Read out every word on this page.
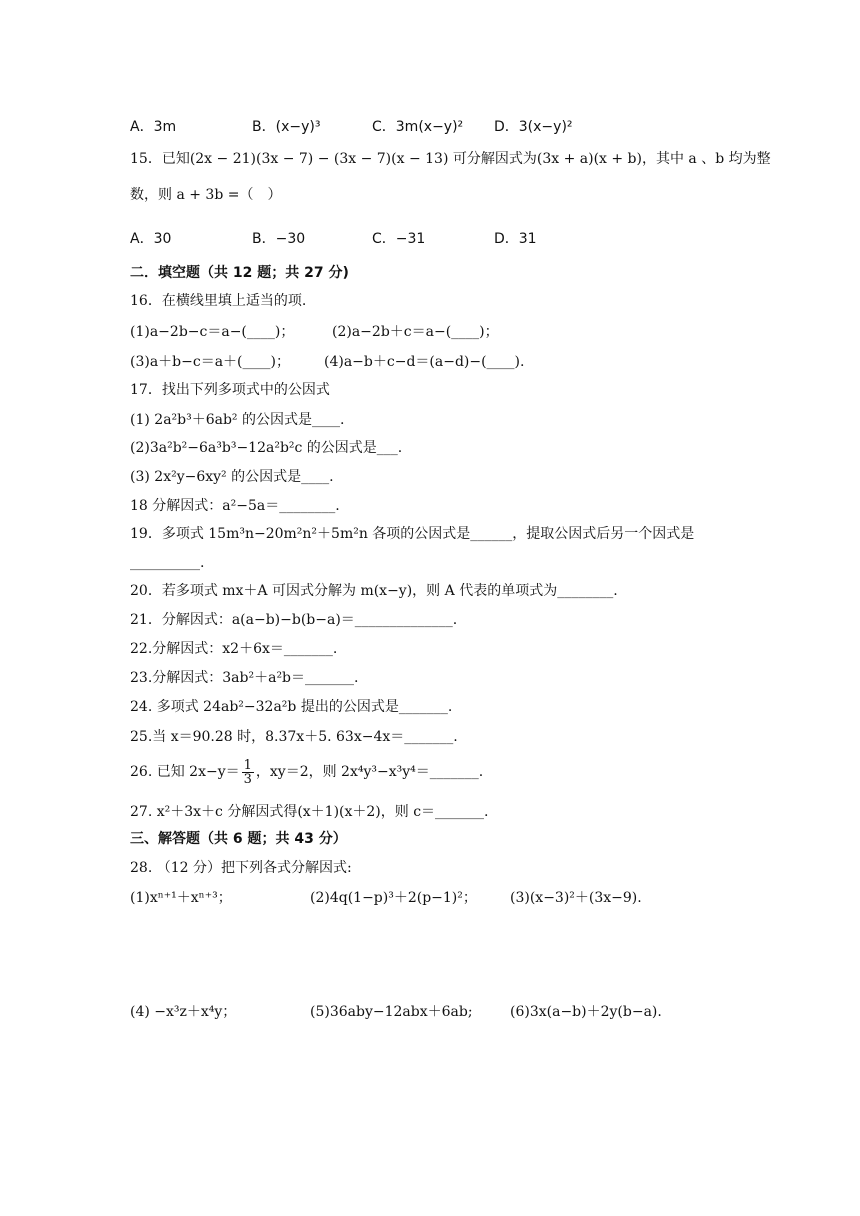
A．3m	B．(x−y)³	C．3m(x−y)² D．3(x−y)²
15．已知(2x − 21)(3x − 7) − (3x − 7)(x − 13) 可分解因式为(3x + a)(x + b)，其中 a 、b 均为整
数，则 a + 3b =（　）
A．30	B．−30	C．−31	D．31
二．填空题（共 12 题；共 27 分)
16．在横线里填上适当的项.
(1)a−2b−c＝a−(____)；	(2)a−2b＋c＝a−(____)；
(3)a＋b−c＝a＋(____)； (4)a−b＋c−d＝(a−d)−(____).
17．找出下列多项式中的公因式
(1) 2a²b³＋6ab² 的公因式是____.
(2)3a²b²−6a³b³−12a²b²c 的公因式是___.
(3) 2x²y−6xy² 的公因式是____.
18 分解因式：a²−5a＝________.
19．多项式 15m³n−20m²n²＋5m²n 各项的公因式是______，提取公因式后另一个因式是
__________.
20．若多项式 mx＋A 可因式分解为 m(x−y)，则 A 代表的单项式为________.
21．分解因式：a(a−b)−b(b−a)＝______________.
22.分解因式：x2＋6x＝_______.
23.分解因式：3ab²＋a²b＝_______.
24. 多项式 24ab²−32a²b 提出的公因式是_______.
25.当 x＝90.28 时，8.37x＋5. 63x−4x＝_______.
26. 已知 $2x-y= \frac{1}{3}$ ，xy＝2，则 2x⁴y³−x³y⁴＝_______.
27. x²＋3x＋c 分解因式得(x＋1)(x＋2)，则 c＝_______.
三、解答题（共 6 题；共 43 分）
28. （12 分）把下列各式分解因式:
(1)xⁿ⁺¹＋xⁿ⁺³；	(2)4q(1−p)³＋2(p−1)²； (3)(x−3)²＋(3x−9).
(4) −x³z＋x⁴y；	(5)36aby−12abx＋6ab;	(6)3x(a−b)＋2y(b−a).
